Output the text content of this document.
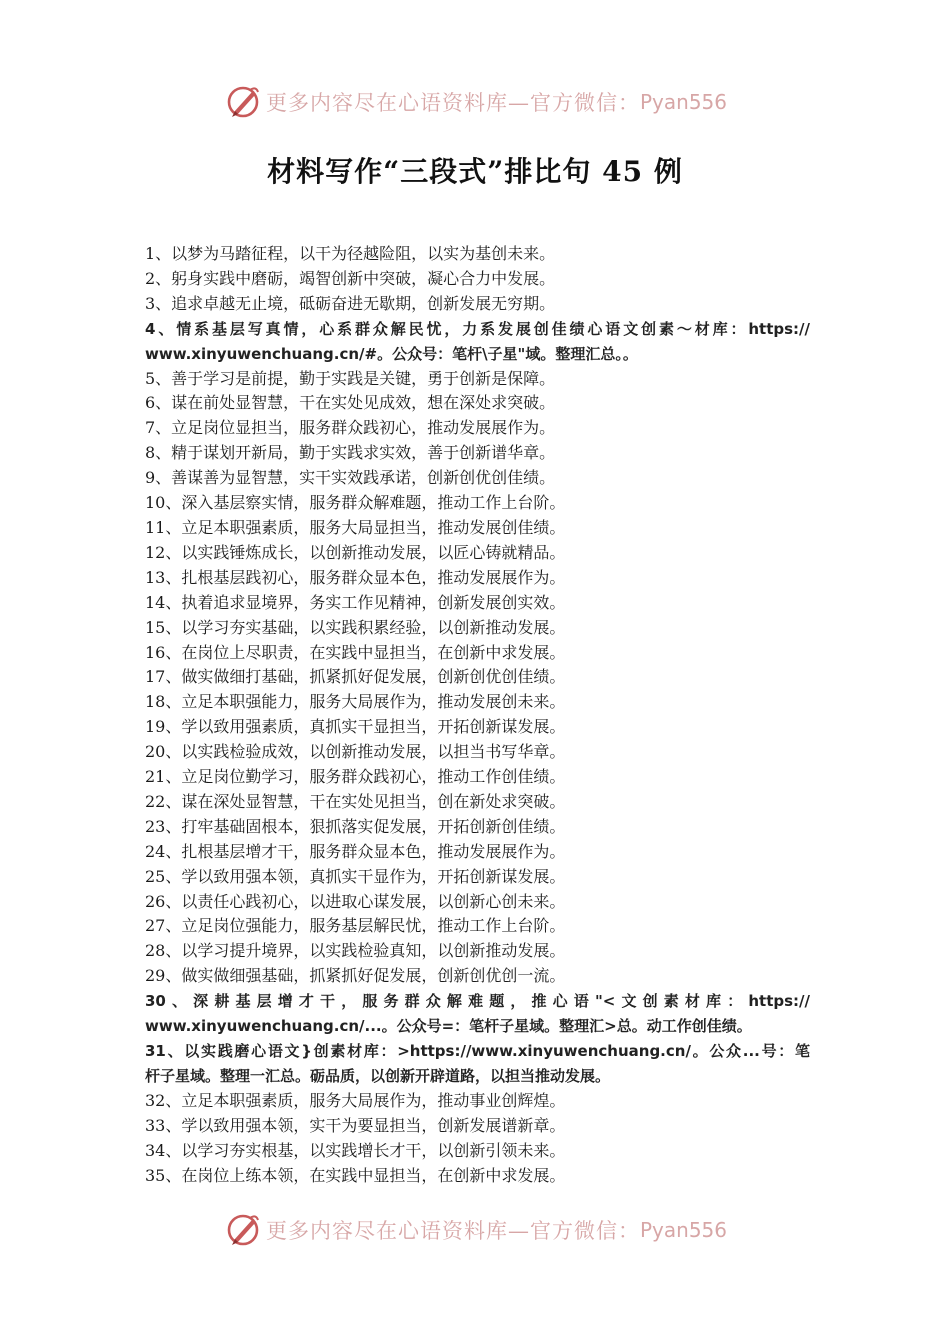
更多内容尽在心语资料库—官方微信： Pyan556
材料写作“三段式”排比句 45 例
1、以梦为马踏征程，以干为径越险阻，以实为基创未来。
2、躬身实践中磨砺，竭智创新中突破，凝心合力中发展。
3、追求卓越无止境，砥砺奋进无歇期，创新发展无穷期。
4、情系基层写真情，心系群众解民忧，力系发展创佳绩心语文创素～材库：https://
www.xinyuwenchuang.cn/#。公众号：笔杆\子星"域。整理汇总。。
5、善于学习是前提，勤于实践是关键，勇于创新是保障。
6、谋在前处显智慧，干在实处见成效，想在深处求突破。
7、立足岗位显担当，服务群众践初心，推动发展展作为。
8、精于谋划开新局，勤于实践求实效，善于创新谱华章。
9、善谋善为显智慧，实干实效践承诺，创新创优创佳绩。
10、深入基层察实情，服务群众解难题，推动工作上台阶。
11、立足本职强素质，服务大局显担当，推动发展创佳绩。
12、以实践锤炼成长，以创新推动发展，以匠心铸就精品。
13、扎根基层践初心，服务群众显本色，推动发展展作为。
14、执着追求显境界，务实工作见精神，创新发展创实效。
15、以学习夯实基础，以实践积累经验，以创新推动发展。
16、在岗位上尽职责，在实践中显担当，在创新中求发展。
17、做实做细打基础，抓紧抓好促发展，创新创优创佳绩。
18、立足本职强能力，服务大局展作为，推动发展创未来。
19、学以致用强素质，真抓实干显担当，开拓创新谋发展。
20、以实践检验成效，以创新推动发展，以担当书写华章。
21、立足岗位勤学习，服务群众践初心，推动工作创佳绩。
22、谋在深处显智慧，干在实处见担当，创在新处求突破。
23、打牢基础固根本，狠抓落实促发展，开拓创新创佳绩。
24、扎根基层增才干，服务群众显本色，推动发展展作为。
25、学以致用强本领，真抓实干显作为，开拓创新谋发展。
26、以责任心践初心，以进取心谋发展，以创新心创未来。
27、立足岗位强能力，服务基层解民忧，推动工作上台阶。
28、以学习提升境界，以实践检验真知，以创新推动发展。
29、做实做细强基础，抓紧抓好促发展，创新创优创一流。
30、深耕基层增才干，服务群众解难题，推心语"<文创素材库：https://
www.xinyuwenchuang.cn/...。公众号=：笔杆子星域。整理汇>总。动工作创佳绩。
31、以实践磨心语文}创素材库：>https://www.xinyuwenchuang.cn/。公众...号：笔
杆子星域。整理一汇总。砺品质，以创新开辟道路，以担当推动发展。
32、立足本职强素质，服务大局展作为，推动事业创辉煌。
33、学以致用强本领，实干为要显担当，创新发展谱新章。
34、以学习夯实根基，以实践增长才干，以创新引领未来。
35、在岗位上练本领，在实践中显担当，在创新中求发展。
更多内容尽在心语资料库—官方微信： Pyan556
